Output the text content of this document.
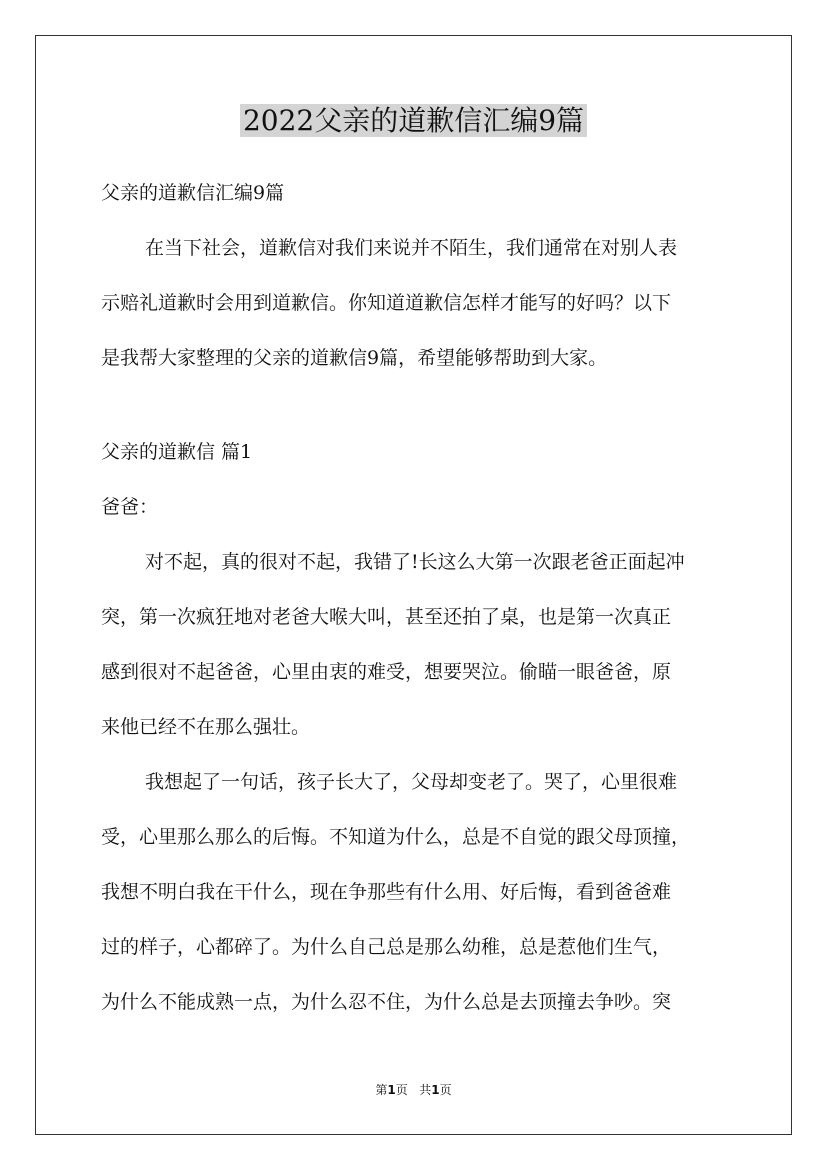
2022父亲的道歉信汇编9篇
父亲的道歉信汇编9篇
在当下社会，道歉信对我们来说并不陌生，我们通常在对别人表
示赔礼道歉时会用到道歉信。你知道道歉信怎样才能写的好吗？以下
是我帮大家整理的父亲的道歉信9篇，希望能够帮助到大家。
父亲的道歉信 篇1
爸爸：
对不起，真的很对不起，我错了!长这么大第一次跟老爸正面起冲
突，第一次疯狂地对老爸大喉大叫，甚至还拍了桌，也是第一次真正
感到很对不起爸爸，心里由衷的难受，想要哭泣。偷瞄一眼爸爸，原
来他已经不在那么强壮。
我想起了一句话，孩子长大了，父母却变老了。哭了，心里很难
受，心里那么那么的后悔。不知道为什么，总是不自觉的跟父母顶撞，
我想不明白我在干什么，现在争那些有什么用、好后悔，看到爸爸难
过的样子，心都碎了。为什么自己总是那么幼稚，总是惹他们生气，
为什么不能成熟一点，为什么忍不住，为什么总是去顶撞去争吵。突
第1页 共1页
